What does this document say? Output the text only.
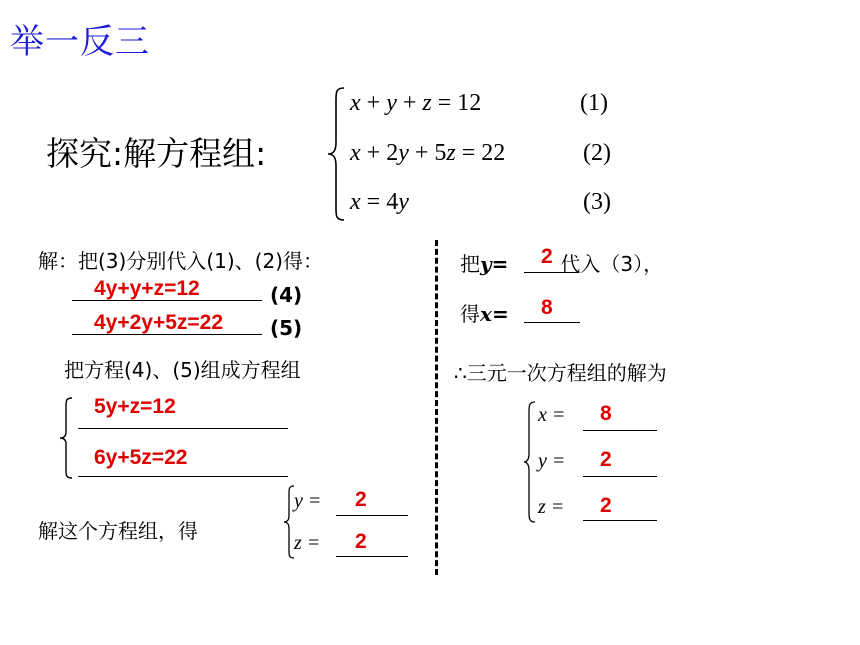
举一反三
探究:解方程组:
x + y + z = 12	(1)
x + 2y + 5z = 22	(2)
x = 4y	(3)
解：把(3)分别代入(1)、(2)得：
4y+y+z=12	(4)
4y+2y+5z=22 (5)
把方程(4)、(5)组成方程组
5y+z=12
6y+5z=22
解这个方程组，得
y = 2
z = 2
把y=	代入（3），
2
得x= 8
∴三元一次方程组的解为
x = 8
y = 2
z = 2
